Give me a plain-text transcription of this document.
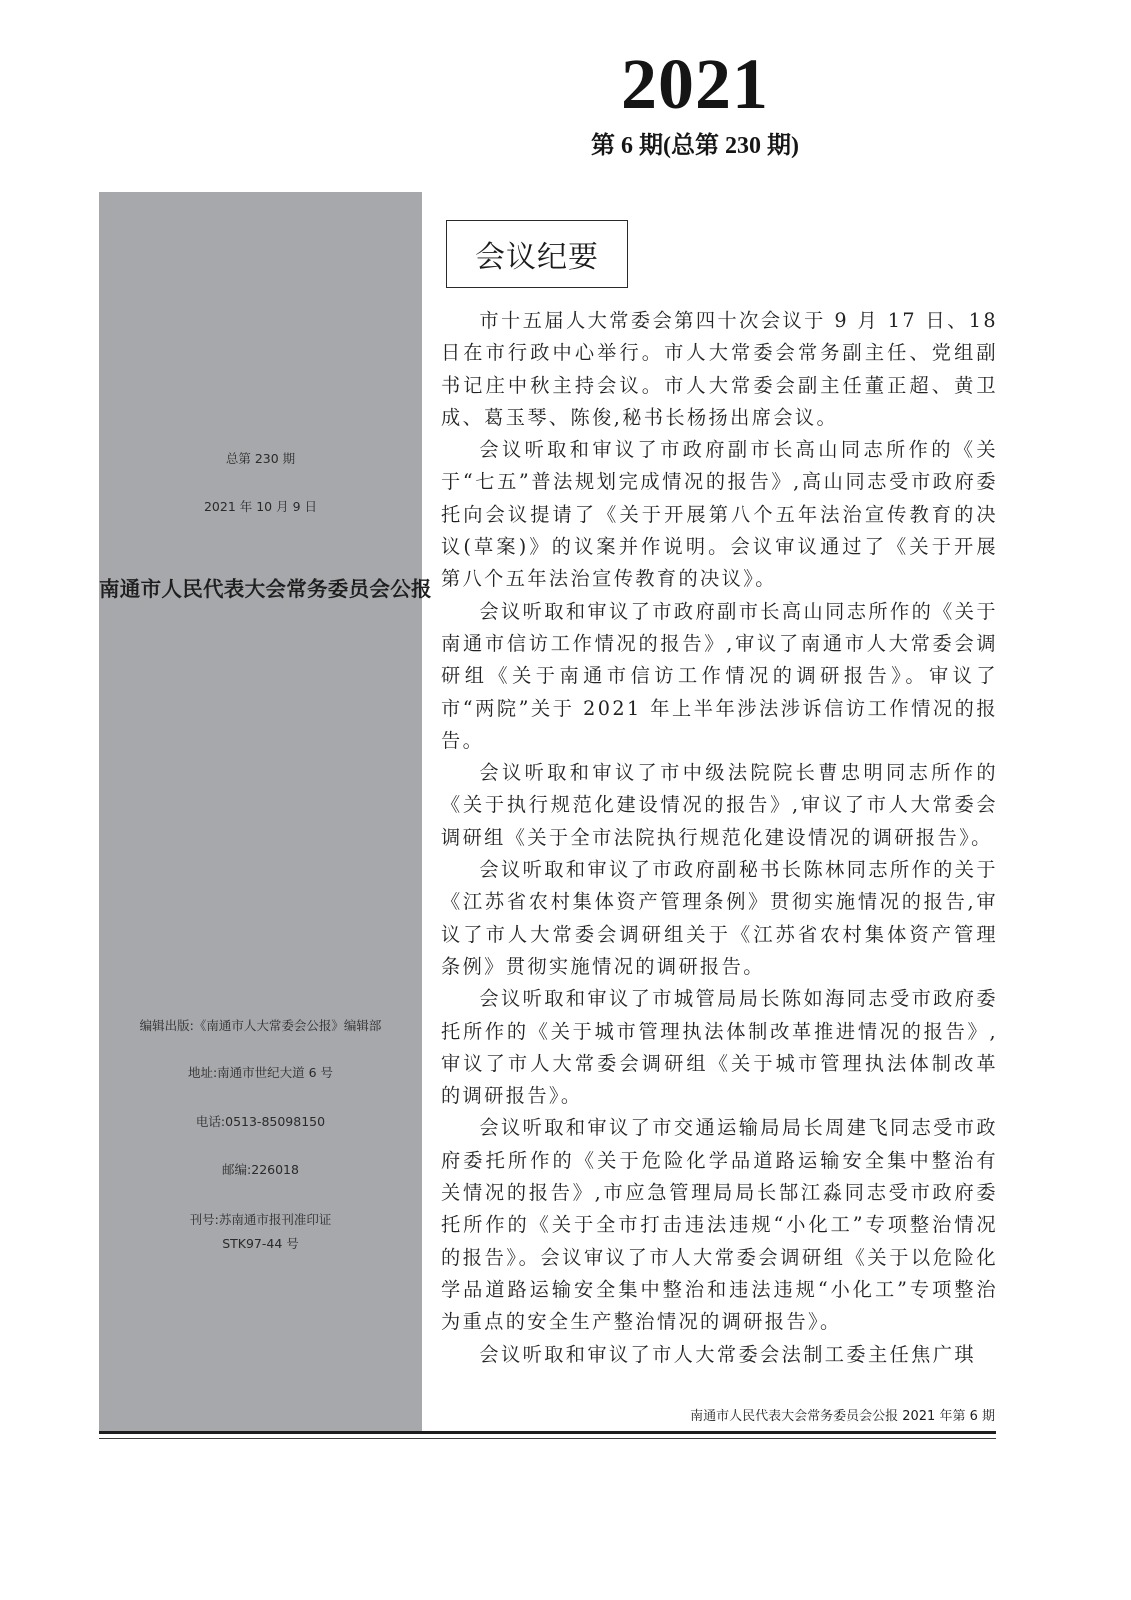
2021
第 6 期(总第 230 期)
南通市人民代表大会常务委员会公报
总第 230 期
2021 年 10 月 9 日
编辑出版:《南通市人大常委会公报》编辑部
地址:南通市世纪大道 6 号
电话:0513-85098150
邮编:226018
刊号:苏南通市报刊准印证
STK97-44 号
会议纪要

市十五届人大常委会第四十次会议于 9 月 17 日、18 日在市行政中心举行。市人大常委会常务副主任、党组副书记庄中秋主持会议。市人大常委会副主任董正超、黄卫成、葛玉琴、陈俊,秘书长杨扬出席会议。

会议听取和审议了市政府副市长高山同志所作的《关于“七五”普法规划完成情况的报告》,高山同志受市政府委托向会议提请了《关于开展第八个五年法治宣传教育的决议(草案)》的议案并作说明。会议审议通过了《关于开展第八个五年法治宣传教育的决议》。

会议听取和审议了市政府副市长高山同志所作的《关于南通市信访工作情况的报告》,审议了南通市人大常委会调研组《关于南通市信访工作情况的调研报告》。审议了市“两院”关于 2021 年上半年涉法涉诉信访工作情况的报告。

会议听取和审议了市中级法院院长曹忠明同志所作的《关于执行规范化建设情况的报告》,审议了市人大常委会调研组《关于全市法院执行规范化建设情况的调研报告》。

会议听取和审议了市政府副秘书长陈林同志所作的关于《江苏省农村集体资产管理条例》贯彻实施情况的报告,审议了市人大常委会调研组关于《江苏省农村集体资产管理条例》贯彻实施情况的调研报告。

会议听取和审议了市城管局局长陈如海同志受市政府委托所作的《关于城市管理执法体制改革推进情况的报告》,审议了市人大常委会调研组《关于城市管理执法体制改革的调研报告》。

会议听取和审议了市交通运输局局长周建飞同志受市政府委托所作的《关于危险化学品道路运输安全集中整治有关情况的报告》,市应急管理局局长郜江淼同志受市政府委托所作的《关于全市打击违法违规“小化工”专项整治情况的报告》。会议审议了市人大常委会调研组《关于以危险化学品道路运输安全集中整治和违法违规“小化工”专项整治为重点的安全生产整治情况的调研报告》。

会议听取和审议了市人大常委会法制工委主任焦广琪

南通市人民代表大会常务委员会公报 2021 年第 6 期
